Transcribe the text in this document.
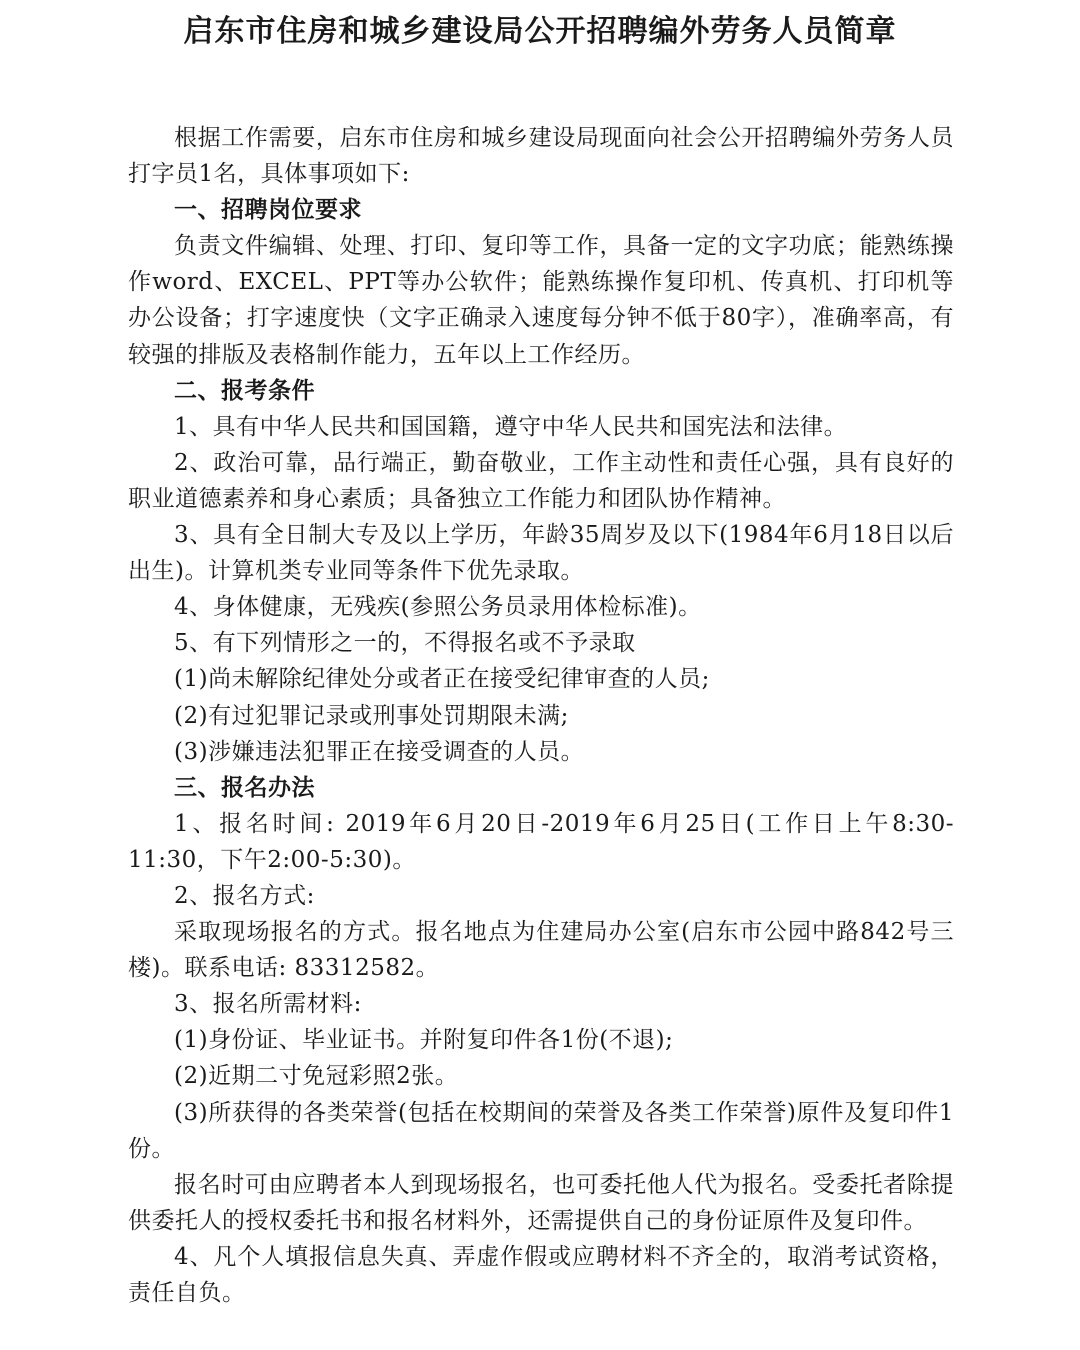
启东市住房和城乡建设局公开招聘编外劳务人员简章

根据工作需要，启东市住房和城乡建设局现面向社会公开招聘编外劳务人员打字员1名，具体事项如下:

一、招聘岗位要求

负责文件编辑、处理、打印、复印等工作，具备一定的文字功底；能熟练操作word、EXCEL、PPT等办公软件；能熟练操作复印机、传真机、打印机等办公设备；打字速度快（文字正确录入速度每分钟不低于80字），准确率高，有较强的排版及表格制作能力，五年以上工作经历。

二、报考条件

1、具有中华人民共和国国籍，遵守中华人民共和国宪法和法律。

2、政治可靠，品行端正，勤奋敬业，工作主动性和责任心强，具有良好的职业道德素养和身心素质；具备独立工作能力和团队协作精神。

3、具有全日制大专及以上学历，年龄35周岁及以下(1984年6月18日以后出生)。计算机类专业同等条件下优先录取。

4、身体健康，无残疾(参照公务员录用体检标准)。

5、有下列情形之一的，不得报名或不予录取

(1)尚未解除纪律处分或者正在接受纪律审查的人员;

(2)有过犯罪记录或刑事处罚期限未满;

(3)涉嫌违法犯罪正在接受调查的人员。

三、报名办法

1、报名时间: 2019年6月20日-2019年6月25日(工作日上午8:30-11:30，下午2:00-5:30)。

2、报名方式:

采取现场报名的方式。报名地点为住建局办公室(启东市公园中路842号三楼)。联系电话: 83312582。

3、报名所需材料:

(1)身份证、毕业证书。并附复印件各1份(不退);

(2)近期二寸免冠彩照2张。

(3)所获得的各类荣誉(包括在校期间的荣誉及各类工作荣誉)原件及复印件1份。

报名时可由应聘者本人到现场报名，也可委托他人代为报名。受委托者除提供委托人的授权委托书和报名材料外，还需提供自己的身份证原件及复印件。

4、凡个人填报信息失真、弄虚作假或应聘材料不齐全的，取消考试资格，责任自负。
